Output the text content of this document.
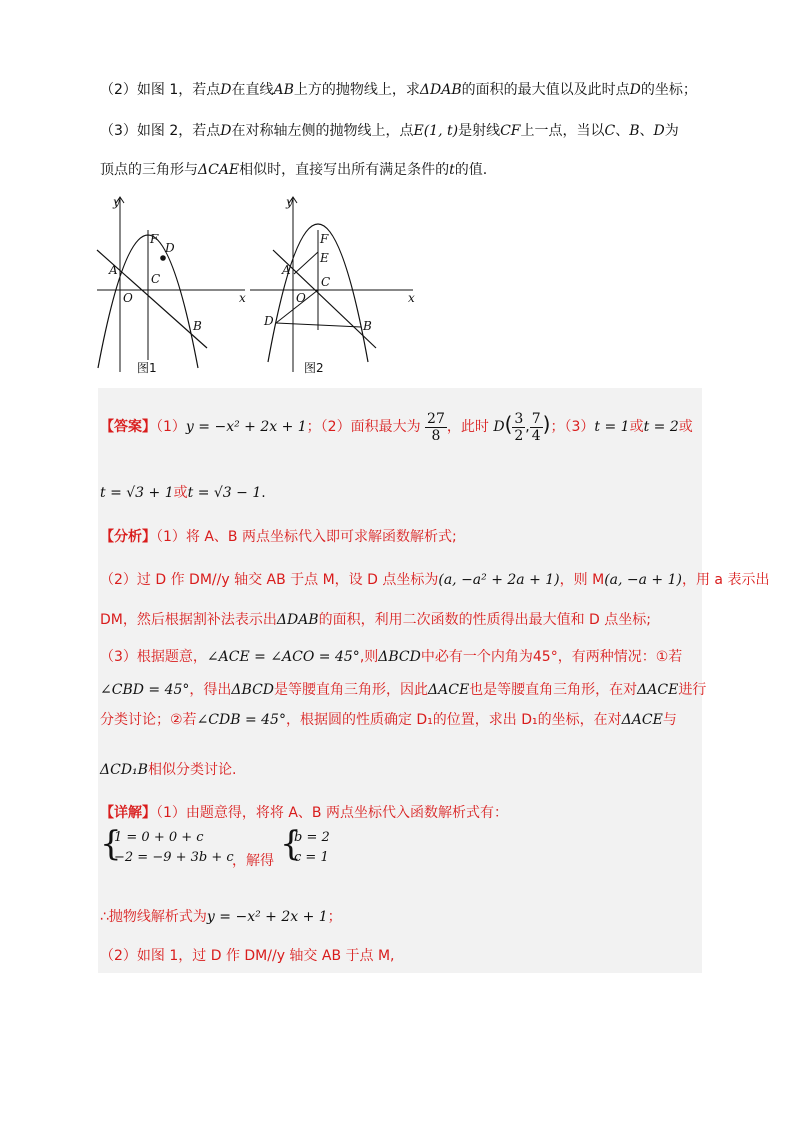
（2）如图 1，若点D在直线AB上方的抛物线上，求ΔDAB的面积的最大值以及此时点D的坐标；
（3）如图 2，若点D在对称轴左侧的抛物线上，点E(1, t)是射线CF上一点，当以C、B、D为
顶点的三角形与ΔCAE相似时，直接写出所有满足条件的t的值.
y
x
F
D
A
C
O
B
图1
y
x
F
E
A
C
O
B
D
图2
【答案】（1）y = −x² + 2x + 1；（2）面积最大为 $\frac{27}{8}$ ，此时 $D( \frac{3}{2}$ , $\frac{7}{4}$ )；（3）t = 1或t = 2或
t = √3 + 1或t = √3 − 1.
【分析】（1）将 A、B 两点坐标代入即可求解函数解析式;
（2）过 D 作 DM//y 轴交 AB 于点 M，设 D 点坐标为(a, −a² + 2a + 1)，则 M(a, −a + 1)，用 a 表示出
DM，然后根据割补法表示出ΔDAB的面积，利用二次函数的性质得出最大值和 D 点坐标;
（3）根据题意，∠ACE = ∠ACO = 45°,则ΔBCD中必有一个内角为45°，有两种情况：①若
∠CBD = 45°，得出ΔBCD是等腰直角三角形，因此ΔACE也是等腰直角三角形，在对ΔACE进行
分类讨论；②若∠CDB = 45°，根据圆的性质确定 D₁的位置，求出 D₁的坐标，在对ΔACE与
ΔCD₁B相似分类讨论.
【详解】（1）由题意得，将将 A、B 两点坐标代入函数解析式有：
{
1 = 0 + 0 + c
−2 = −9 + 3b + c
，解得 {
b = 2
c = 1
∴抛物线解析式为y = −x² + 2x + 1；
（2）如图 1，过 D 作 DM//y 轴交 AB 于点 M,
